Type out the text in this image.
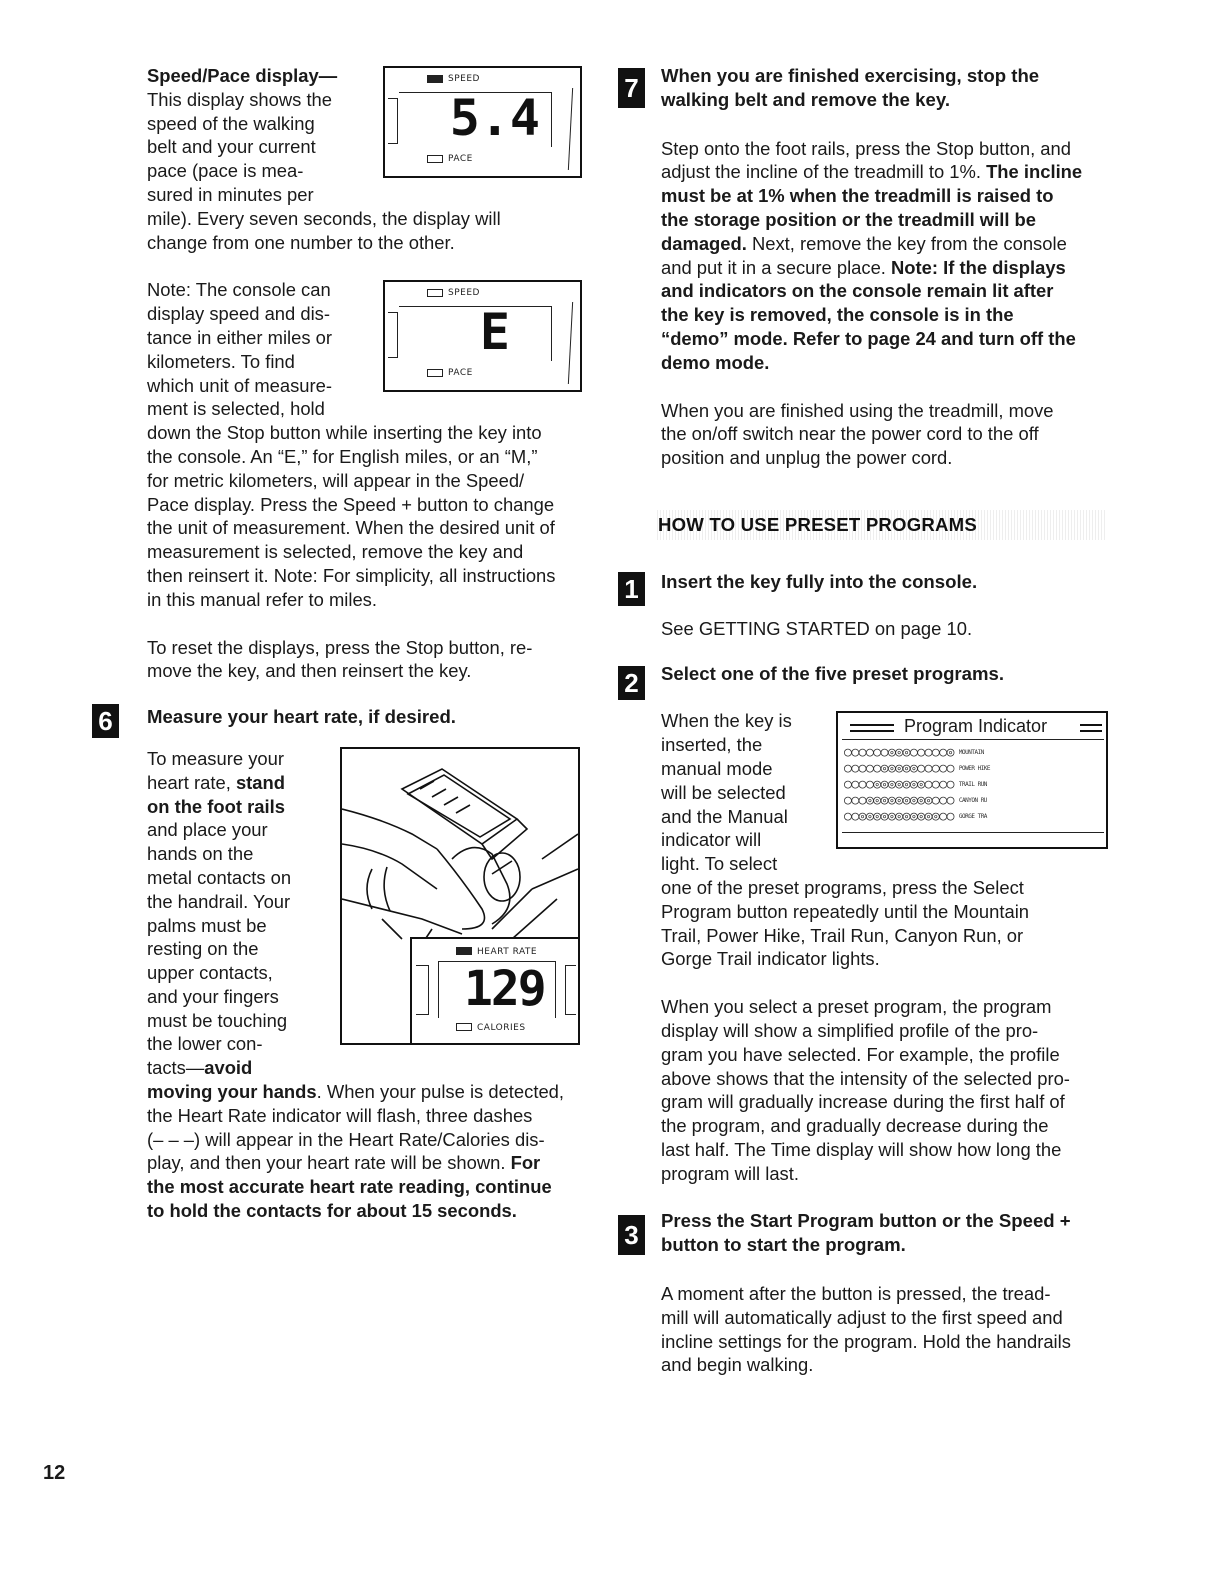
SPEED
5.4
PACE

Speed/Pace display—

This display shows the
speed of the walking
belt and your current
pace (pace is mea-
sured in minutes per
mile). Every seven seconds, the display will
change from one number to the other.

SPEED
E
PACE

Note: The console can
display speed and dis-
tance in either miles or
kilometers. To find
which unit of measure-
ment is selected, hold
down the Stop button while inserting the key into
the console. An “E,” for English miles, or an “M,”
for metric kilometers, will appear in the Speed/
Pace display. Press the Speed + button to change
the unit of measurement. When the desired unit of
measurement is selected, remove the key and
then reinsert it. Note: For simplicity, all instructions
in this manual refer to miles.

To reset the displays, press the Stop button, re-
move the key, and then reinsert the key.

6	Measure your heart rate, if desired.

HEART RATE
129
CALORIES

To measure your
heart rate, stand
on the foot rails
and place your
hands on the
metal contacts on
the handrail. Your
palms must be
resting on the
upper contacts,
and your fingers
must be touching
the lower con-
tacts—avoid
moving your hands. When your pulse is detected,
the Heart Rate indicator will flash, three dashes
(– – –) will appear in the Heart Rate/Calories dis-
play, and then your heart rate will be shown. For
the most accurate heart rate reading, continue
to hold the contacts for about 15 seconds.

7	When you are finished exercising, stop the
walking belt and remove the key.

Step onto the foot rails, press the Stop button, and
adjust the incline of the treadmill to 1%. The incline
must be at 1% when the treadmill is raised to
the storage position or the treadmill will be
damaged. Next, remove the key from the console
and put it in a secure place. Note: If the displays
and indicators on the console remain lit after
the key is removed, the console is in the
“demo” mode. Refer to page 24 and turn off the
demo mode.

When you are finished using the treadmill, move
the on/off switch near the power cord to the off
position and unplug the power cord.

HOW TO USE PRESET PROGRAMS

1	Insert the key fully into the console.

See GETTING STARTED on page 10.

2	Select one of the five preset programs.

Program Indicator
○○○○○○◎◎◎○○○○○◎ MOUNTAIN
○○○○○◎◎◎◎◎○○○○○ POWER HIKE
○○○○◎◎◎◎◎◎◎○○○○ TRAIL RUN
○○○◎◎◎◎◎◎◎◎◎○○○ CANYON RU
○○◎◎◎◎◎◎◎◎◎◎◎○○ GORGE TRA

When the key is
inserted, the
manual mode
will be selected
and the Manual
indicator will
light. To select
one of the preset programs, press the Select
Program button repeatedly until the Mountain
Trail, Power Hike, Trail Run, Canyon Run, or
Gorge Trail indicator lights.

When you select a preset program, the program
display will show a simplified profile of the pro-
gram you have selected. For example, the profile
above shows that the intensity of the selected pro-
gram will gradually increase during the first half of
the program, and gradually decrease during the
last half. The Time display will show how long the
program will last.

3	Press the Start Program button or the Speed +
button to start the program.

A moment after the button is pressed, the tread-
mill will automatically adjust to the first speed and
incline settings for the program. Hold the handrails
and begin walking.

12
